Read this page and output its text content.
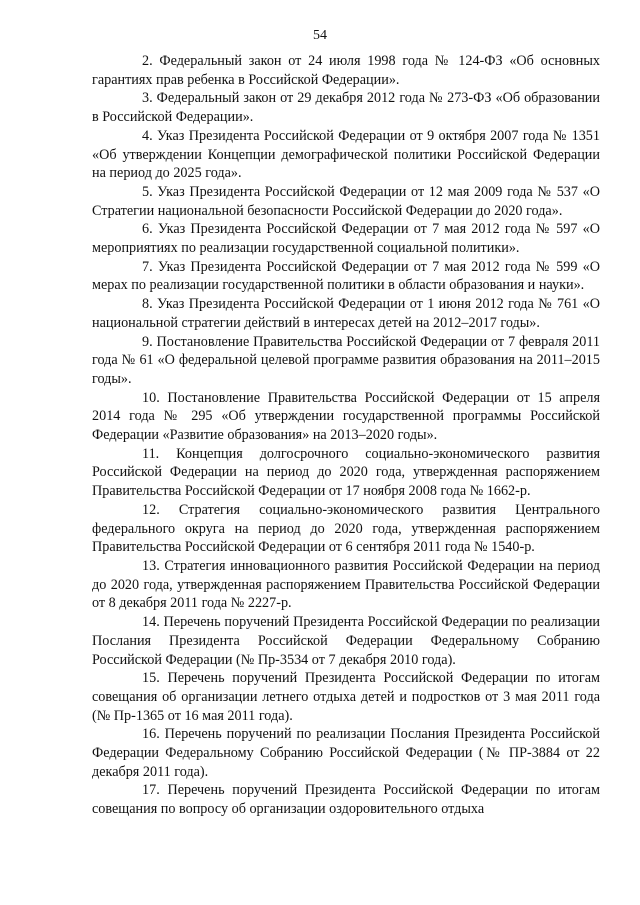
54

2. Федеральный закон от 24 июля 1998 года № 124-ФЗ «Об основных гарантиях прав ребенка в Российской Федерации».

3. Федеральный закон от 29 декабря 2012 года № 273-ФЗ «Об образовании в Российской Федерации».

4. Указ Президента Российской Федерации от 9 октября 2007 года № 1351 «Об утверждении Концепции демографической политики Российской Федерации на период до 2025 года».

5. Указ Президента Российской Федерации от 12 мая 2009 года № 537 «О Стратегии национальной безопасности Российской Федерации до 2020 года».

6. Указ Президента Российской Федерации от 7 мая 2012 года № 597 «О мероприятиях по реализации государственной социальной политики».

7. Указ Президента Российской Федерации от 7 мая 2012 года № 599 «О мерах по реализации государственной политики в области образования и науки».

8. Указ Президента Российской Федерации от 1 июня 2012 года № 761 «О национальной стратегии действий в интересах детей на 2012–2017 годы».

9. Постановление Правительства Российской Федерации от 7 февраля 2011 года № 61 «О федеральной целевой программе развития образования на 2011–2015 годы».

10. Постановление Правительства Российской Федерации от 15 апреля 2014 года № 295 «Об утверждении государственной программы Российской Федерации «Развитие образования» на 2013–2020 годы».

11. Концепция долгосрочного социально-экономического развития Российской Федерации на период до 2020 года, утвержденная распоряжением Правительства Российской Федерации от 17 ноября 2008 года № 1662-р.

12. Стратегия социально-экономического развития Центрального федерального округа на период до 2020 года, утвержденная распоряжением Правительства Российской Федерации от 6 сентября 2011 года № 1540-р.

13. Стратегия инновационного развития Российской Федерации на период до 2020 года, утвержденная распоряжением Правительства Российской Федерации от 8 декабря 2011 года № 2227-р.

14. Перечень поручений Президента Российской Федерации по реализации Послания Президента Российской Федерации Федеральному Собранию Российской Федерации (№ Пр-3534 от 7 декабря 2010 года).

15. Перечень поручений Президента Российской Федерации по итогам совещания об организации летнего отдыха детей и подростков от 3 мая 2011 года (№ Пр-1365 от 16 мая 2011 года).

16. Перечень поручений по реализации Послания Президента Российской Федерации Федеральному Собранию Российской Федерации (№ ПР-3884 от 22 декабря 2011 года).

17. Перечень поручений Президента Российской Федерации по итогам совещания по вопросу об организации оздоровительного отдыха
